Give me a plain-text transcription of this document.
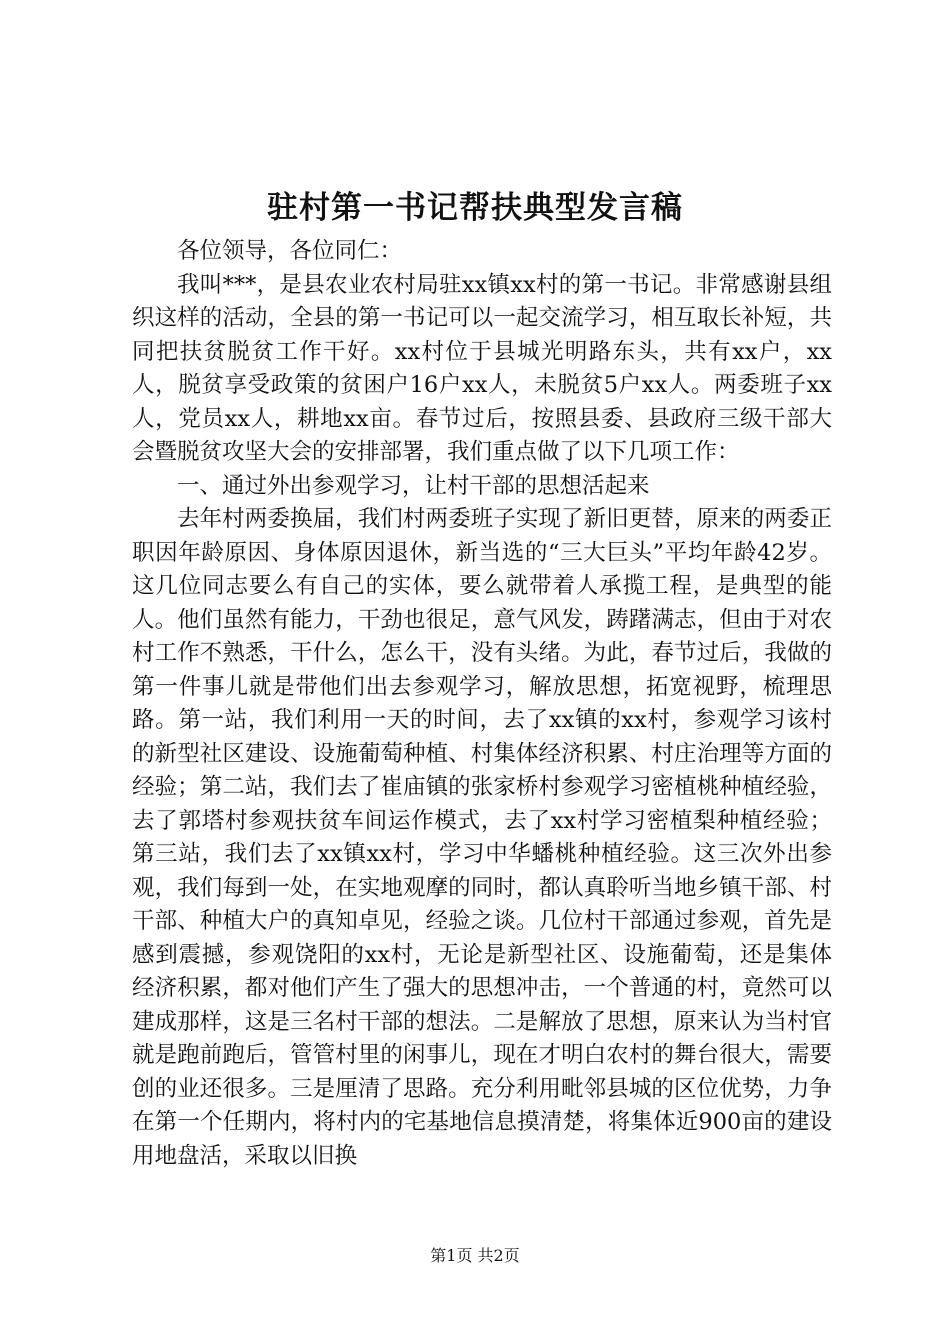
驻村第一书记帮扶典型发言稿

各位领导，各位同仁：

我叫***，是县农业农村局驻xx镇xx村的第一书记。非常感谢县组织这样的活动，全县的第一书记可以一起交流学习，相互取长补短，共同把扶贫脱贫工作干好。xx村位于县城光明路东头，共有xx户，xx人，脱贫享受政策的贫困户16户xx人，未脱贫5户xx人。两委班子xx人，党员xx人，耕地xx亩。春节过后，按照县委、县政府三级干部大会暨脱贫攻坚大会的安排部署，我们重点做了以下几项工作：

一、通过外出参观学习，让村干部的思想活起来

去年村两委换届，我们村两委班子实现了新旧更替，原来的两委正职因年龄原因、身体原因退休，新当选的“三大巨头”平均年龄42岁。这几位同志要么有自己的实体，要么就带着人承揽工程，是典型的能人。他们虽然有能力，干劲也很足，意气风发，踌躇满志，但由于对农村工作不熟悉，干什么，怎么干，没有头绪。为此，春节过后，我做的第一件事儿就是带他们出去参观学习，解放思想，拓宽视野，梳理思路。第一站，我们利用一天的时间，去了xx镇的xx村，参观学习该村的新型社区建设、设施葡萄种植、村集体经济积累、村庄治理等方面的经验；第二站，我们去了崔庙镇的张家桥村参观学习密植桃种植经验，去了郭塔村参观扶贫车间运作模式，去了xx村学习密植梨种植经验；第三站，我们去了xx镇xx村，学习中华蟠桃种植经验。这三次外出参观，我们每到一处，在实地观摩的同时，都认真聆听当地乡镇干部、村干部、种植大户的真知卓见，经验之谈。几位村干部通过参观，首先是感到震撼，参观饶阳的xx村，无论是新型社区、设施葡萄，还是集体经济积累，都对他们产生了强大的思想冲击，一个普通的村，竟然可以建成那样，这是三名村干部的想法。二是解放了思想，原来认为当村官就是跑前跑后，管管村里的闲事儿，现在才明白农村的舞台很大，需要创的业还很多。三是厘清了思路。充分利用毗邻县城的区位优势，力争在第一个任期内，将村内的宅基地信息摸清楚，将集体近900亩的建设用地盘活，采取以旧换

第1页 共2页
